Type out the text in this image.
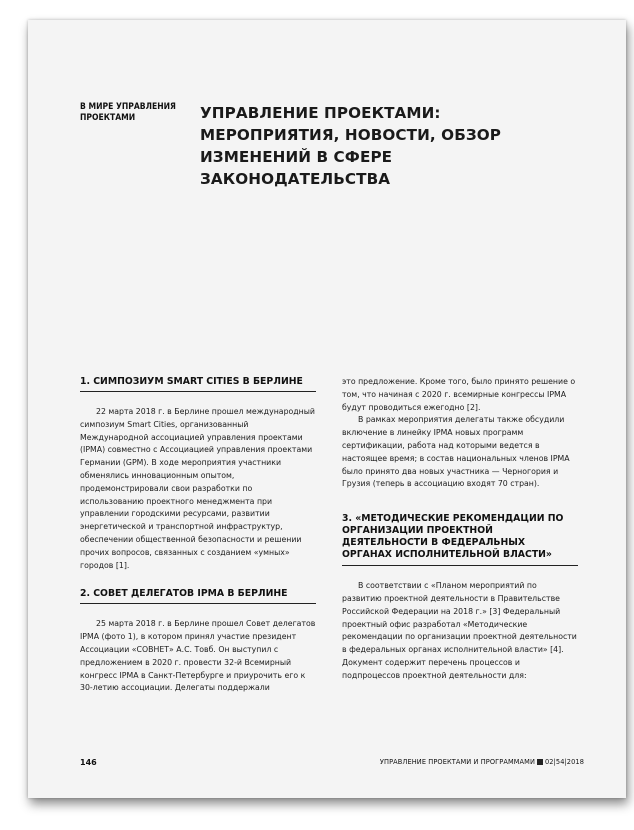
В МИРЕ УПРАВЛЕНИЯ ПРОЕКТАМИ	УПРАВЛЕНИЕ ПРОЕКТАМИ: МЕРОПРИЯТИЯ, НОВОСТИ, ОБЗОР ИЗМЕНЕНИЙ В СФЕРЕ ЗАКОНОДАТЕЛЬСТВА
1. СИМПОЗИУМ SMART CITIES В БЕРЛИНЕ

22 марта 2018 г. в Берлине прошел международный симпозиум Smart Cities, организованный Международной ассоциацией управления проектами (IPMA) совместно с Ассоциацией управления проектами Германии (GPM). В ходе мероприятия участники обменялись инновационным опытом, продемонстрировали свои разработки по использованию проектного менеджмента при управлении городскими ресурсами, развитии энергетической и транспортной инфраструктур, обеспечении общественной безопасности и решении прочих вопросов, связанных с созданием «умных» городов [1].

2. СОВЕТ ДЕЛЕГАТОВ IPMA В БЕРЛИНЕ

25 марта 2018 г. в Берлине прошел Совет делегатов IPMA (фото 1), в котором принял участие президент Ассоциации «СОВНЕТ» А.С. Товб. Он выступил с предложением в 2020 г. провести 32-й Всемирный конгресс IPMA в Санкт-Петербурге и приурочить его к 30-летию ассоциации. Делегаты поддержали

это предложение. Кроме того, было принято решение о том, что начиная с 2020 г. всемирные конгрессы IPMA будут проводиться ежегодно [2].

В рамках мероприятия делегаты также обсудили включение в линейку IPMA новых программ сертификации, работа над которыми ведется в настоящее время; в состав национальных членов IPMA было принято два новых участника — Черногория и Грузия (теперь в ассоциацию входят 70 стран).

3. «МЕТОДИЧЕСКИЕ РЕКОМЕНДАЦИИ ПО ОРГАНИЗАЦИИ ПРОЕКТНОЙ ДЕЯТЕЛЬНОСТИ В ФЕДЕРАЛЬНЫХ ОРГАНАХ ИСПОЛНИТЕЛЬНОЙ ВЛАСТИ»

В соответствии с «Планом мероприятий по развитию проектной деятельности в Правительстве Российской Федерации на 2018 г.» [3] Федеральный проектный офис разработал «Методические рекомендации по организации проектной деятельности в федеральных органах исполнительной власти» [4]. Документ содержит перечень процессов и подпроцессов проектной деятельности для:

146	УПРАВЛЕНИЕ ПРОЕКТАМИ И ПРОГРАММАМИ 02|54|2018
